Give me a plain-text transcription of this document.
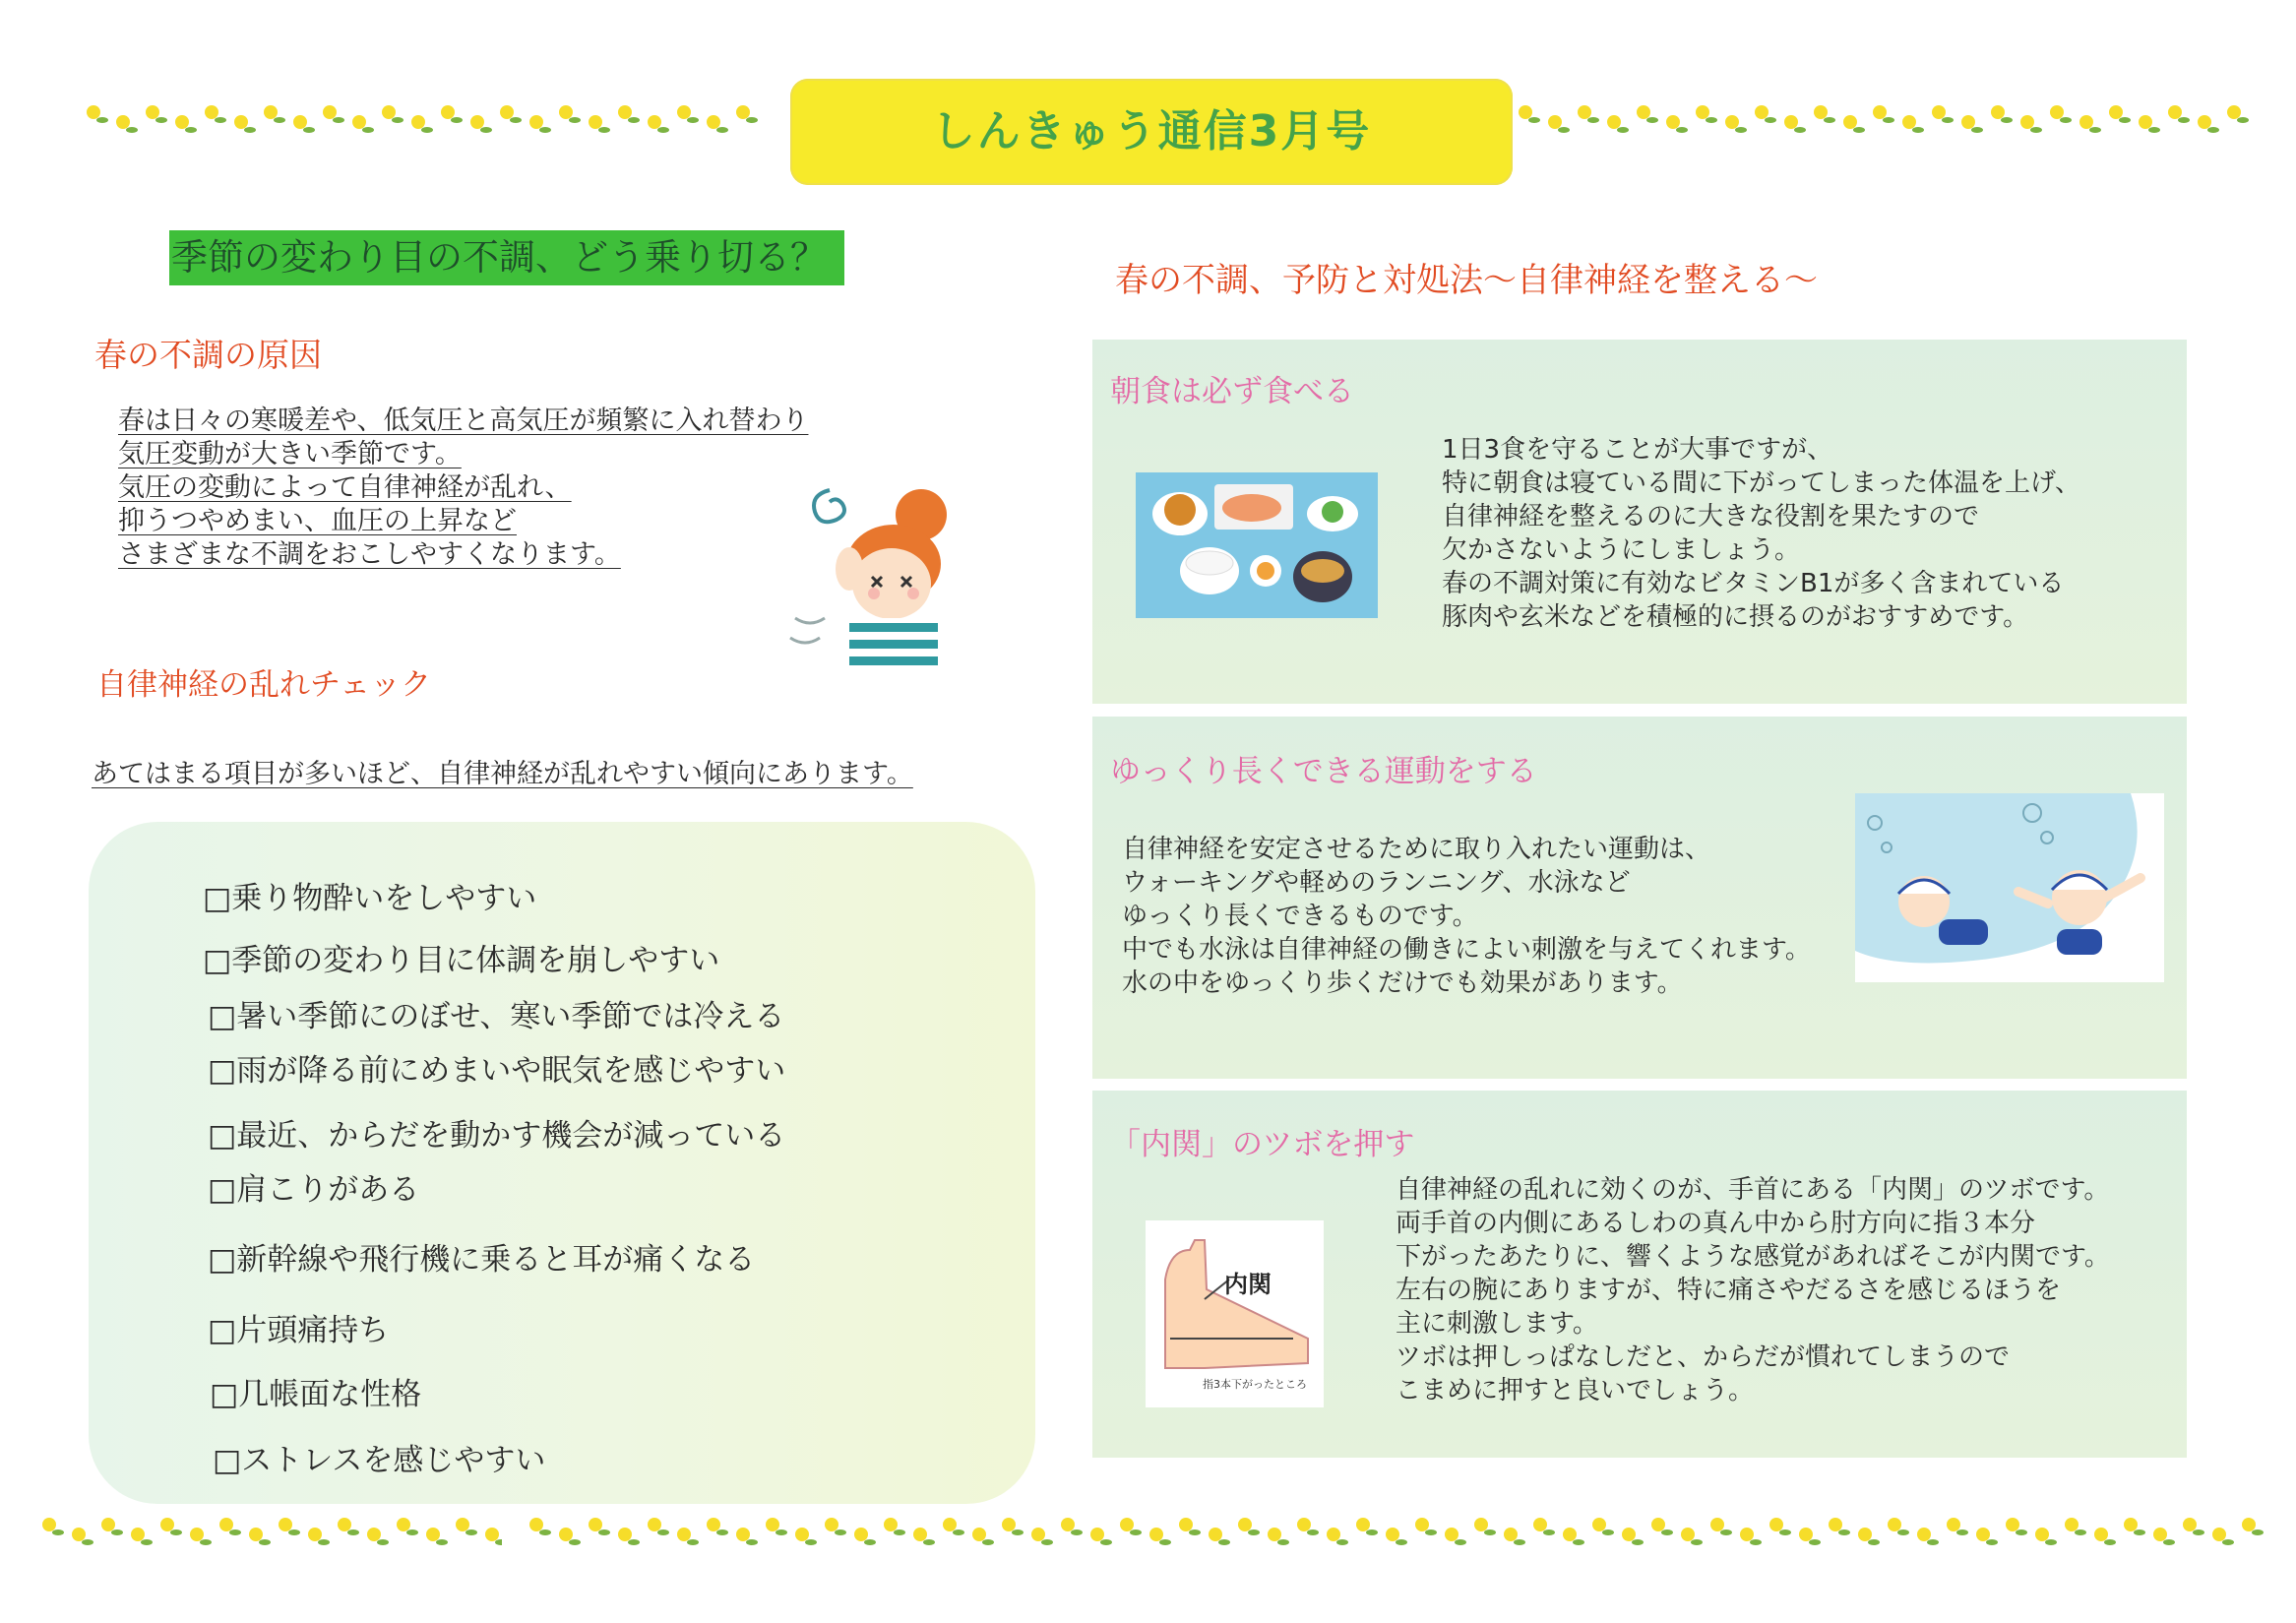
しんきゅう通信3月号
季節の変わり目の不調、どう乗り切る？
春の不調の原因
春は日々の寒暖差や、低気圧と高気圧が頻繁に入れ替わり
気圧変動が大きい季節です。
気圧の変動によって自律神経が乱れ、
抑うつやめまい、血圧の上昇など
さまざまな不調をおこしやすくなります。
自律神経の乱れチェック
あてはまる項目が多いほど、自律神経が乱れやすい傾向にあります。
□乗り物酔いをしやすい
□季節の変わり目に体調を崩しやすい
□暑い季節にのぼせ、寒い季節では冷える
□雨が降る前にめまいや眠気を感じやすい
□最近、からだを動かす機会が減っている
□肩こりがある
□新幹線や飛行機に乗ると耳が痛くなる
□片頭痛持ち
□几帳面な性格
□ストレスを感じやすい
春の不調、予防と対処法～自律神経を整える～
朝食は必ず食べる
1日3食を守ることが大事ですが、
特に朝食は寝ている間に下がってしまった体温を上げ、
自律神経を整えるのに大きな役割を果たすので
欠かさないようにしましょう。
春の不調対策に有効なビタミンB1が多く含まれている
豚肉や玄米などを積極的に摂るのがおすすめです。
ゆっくり長くできる運動をする
自律神経を安定させるために取り入れたい運動は、
ウォーキングや軽めのランニング、水泳など
ゆっくり長くできるものです。
中でも水泳は自律神経の働きによい刺激を与えてくれます。
水の中をゆっくり歩くだけでも効果があります。
「内関」のツボを押す
内関
指3本下がったところ
自律神経の乱れに効くのが、手首にある「内関」のツボです。
両手首の内側にあるしわの真ん中から肘方向に指３本分
下がったあたりに、響くような感覚があればそこが内関です。
左右の腕にありますが、特に痛さやだるさを感じるほうを
主に刺激します。
ツボは押しっぱなしだと、からだが慣れてしまうので
こまめに押すと良いでしょう。
